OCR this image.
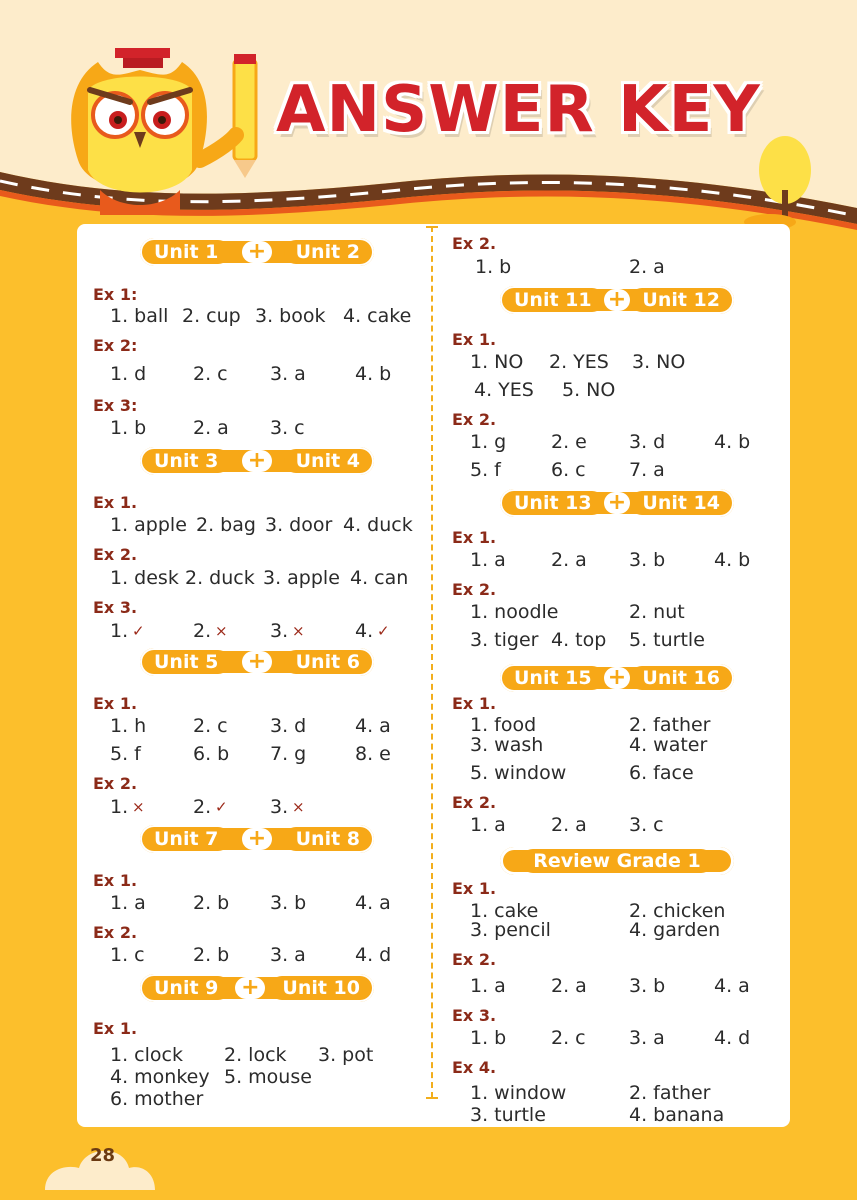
ANSWER KEY
Unit 1	+	Unit 2
Ex 1:
1. ball 2. cup 3. book 4. cake
Ex 2:
1. d 2. c 3. a	4. b
Ex 3:
1. b 2. a 3. c
Unit 3	+	Unit 4
Ex 1.
1. apple 2. bag 3. door 4. duck
Ex 2.
1. desk 2. duck 3. apple 4. can
Ex 3.
1. ✓	2. × 3. ×	4. ✓
Unit 5	+	Unit 6
Ex 1.
1. h 2. c 3. d	4. a
5. f	6. b 7. g	8. e
Ex 2.
1. ×	2. ✓ 3. ×
Unit 7	+	Unit 8
Ex 1.
1. a 2. b 3. b	4. a
Ex 2.
1. c	2. b 3. a	4. d
Unit 9	+	Unit 10
Ex 1.
1. clock 2. lock 3. pot
4. monkey 5. mouse
6. mother
Ex 2.
1. b	2. a
Unit 11 + Unit 12
Ex 1.
1. NO 2. YES 3. NO
4. YES 5. NO
Ex 2.
1. g 2. e 3. d	4. b
5. f	6. c 7. a
Unit 13 + Unit 14
Ex 1.
1. a 2. a 3. b	4. b
Ex 2.
1. noodle	2. nut
3. tiger 4. top 5. turtle
Unit 15 + Unit 16
Ex 1.
1. food	2. father
3. wash	4. water
5. window	6. face
Ex 2.
1. a 2. a 3. c
Review Grade 1
Ex 1.
1. cake	2. chicken
3. pencil	4. garden
Ex 2.
1. a 2. a 3. b	4. a
Ex 3.
1. b 2. c 3. a	4. d
Ex 4.
1. window	2. father
3. turtle	4. banana
28
